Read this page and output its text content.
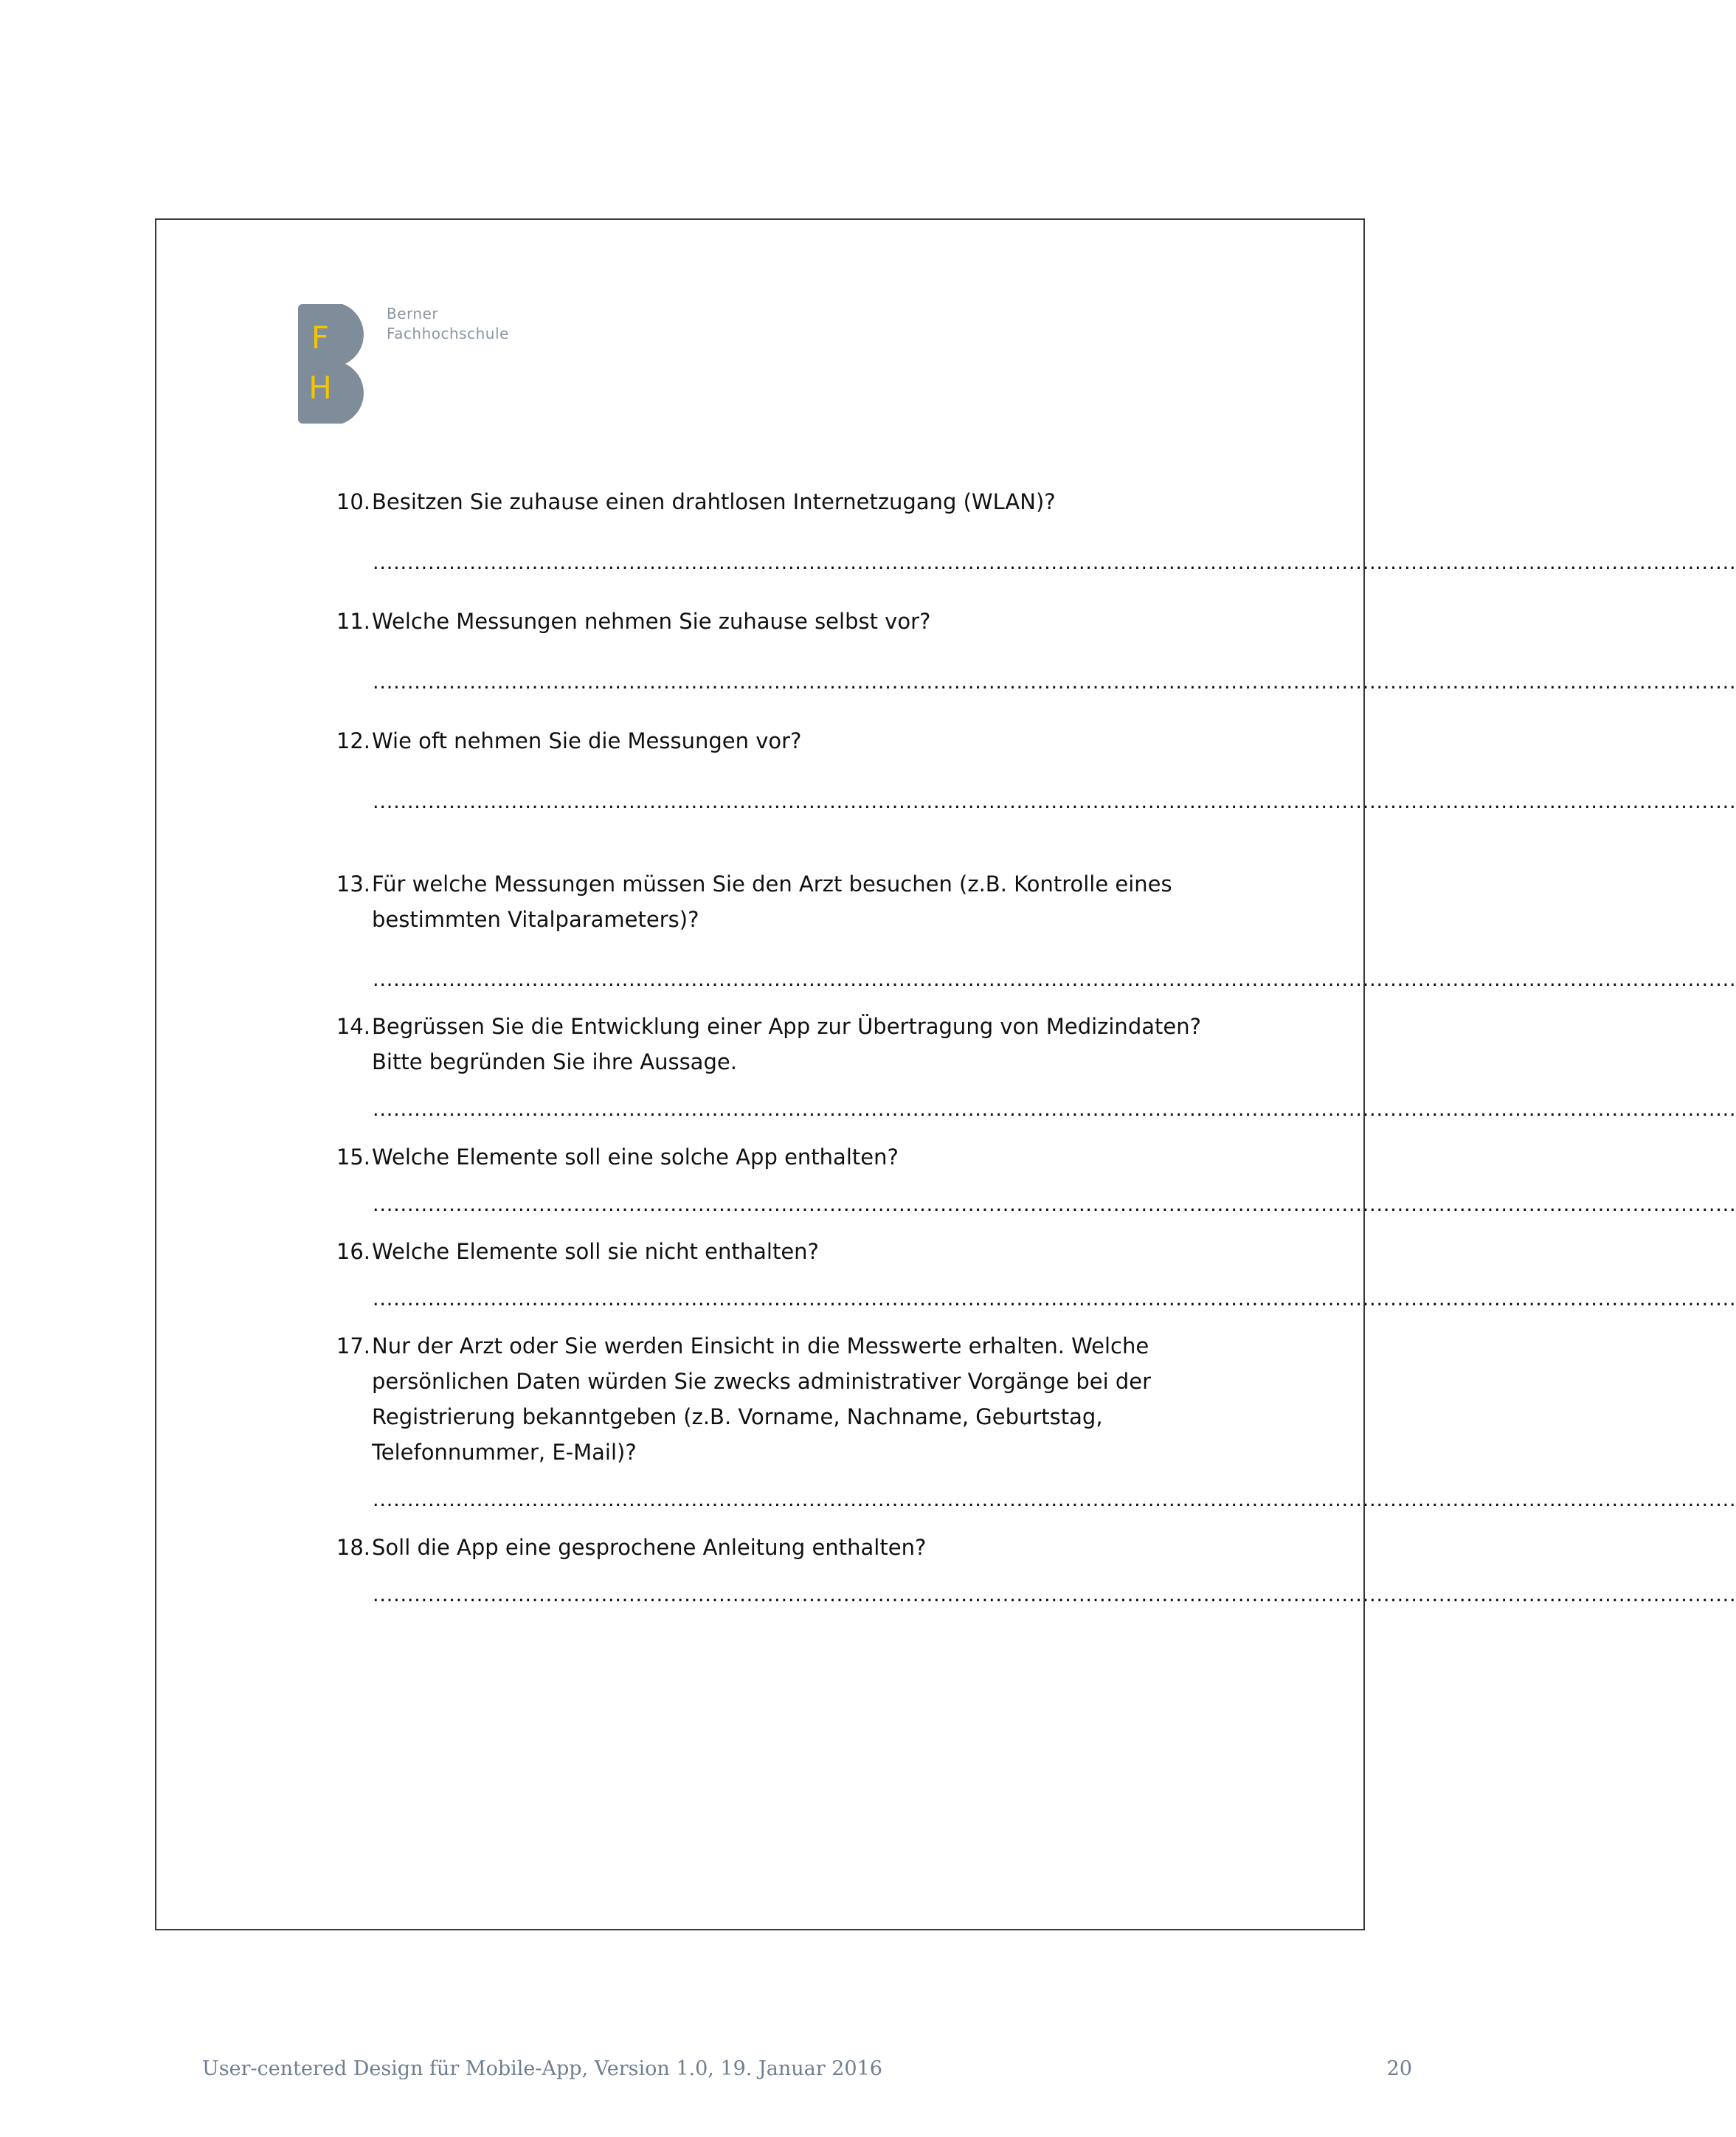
F
H
Berner
Fachhochschule
10. Besitzen Sie zuhause einen drahtlosen Internetzugang (WLAN)?
.....................................................................................................................................................................................................
11. Welche Messungen nehmen Sie zuhause selbst vor?
.....................................................................................................................................................................................................
12. Wie oft nehmen Sie die Messungen vor?
.....................................................................................................................................................................................................
13. Für welche Messungen müssen Sie den Arzt besuchen (z.B. Kontrolle eines bestimmten Vitalparameters)?
.....................................................................................................................................................................................................
14. Begrüssen Sie die Entwicklung einer App zur Übertragung von Medizindaten? Bitte begründen Sie ihre Aussage.
.....................................................................................................................................................................................................
15. Welche Elemente soll eine solche App enthalten?
.....................................................................................................................................................................................................
16. Welche Elemente soll sie nicht enthalten?
.....................................................................................................................................................................................................
17. Nur der Arzt oder Sie werden Einsicht in die Messwerte erhalten. Welche persönlichen Daten würden Sie zwecks administrativer Vorgänge bei der Registrierung bekanntgeben (z.B. Vorname, Nachname, Geburtstag, Telefonnummer, E-Mail)?
.....................................................................................................................................................................................................
18. Soll die App eine gesprochene Anleitung enthalten?
.....................................................................................................................................................................................................
User-centered Design für Mobile-App, Version 1.0, 19. Januar 2016	20
